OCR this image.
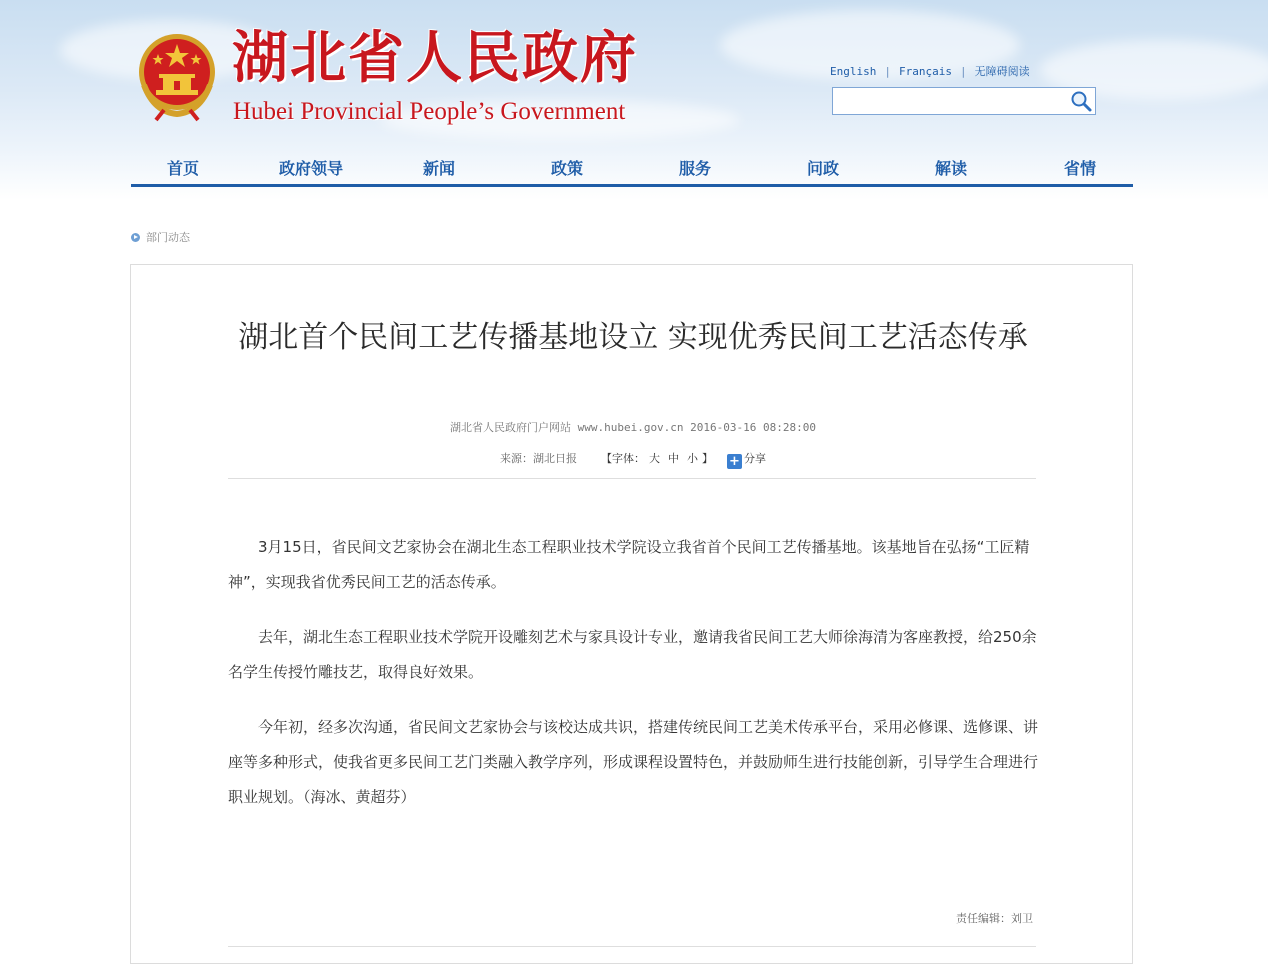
湖北省人民政府
Hubei Provincial People’s Government
English | Français | 无障碍阅读
首页	政府领导	新闻	政策	服务	问政	解读	省情
部门动态
湖北首个民间工艺传播基地设立 实现优秀民间工艺活态传承
湖北省人民政府门户网站 www.hubei.gov.cn 2016-03-16 08:28:00
来源：湖北日报 【字体： 大 中 小 】 + 分享

3月15日，省民间文艺家协会在湖北生态工程职业技术学院设立我省首个民间工艺传播基地。该基地旨在弘扬“工匠精神”，实现我省优秀民间工艺的活态传承。

去年，湖北生态工程职业技术学院开设雕刻艺术与家具设计专业，邀请我省民间工艺大师徐海清为客座教授，给250余名学生传授竹雕技艺，取得良好效果。

今年初，经多次沟通，省民间文艺家协会与该校达成共识，搭建传统民间工艺美术传承平台，采用必修课、选修课、讲座等多种形式，使我省更多民间工艺门类融入教学序列，形成课程设置特色，并鼓励师生进行技能创新，引导学生合理进行职业规划。（海冰、黄超芬）

责任编辑：刘卫
